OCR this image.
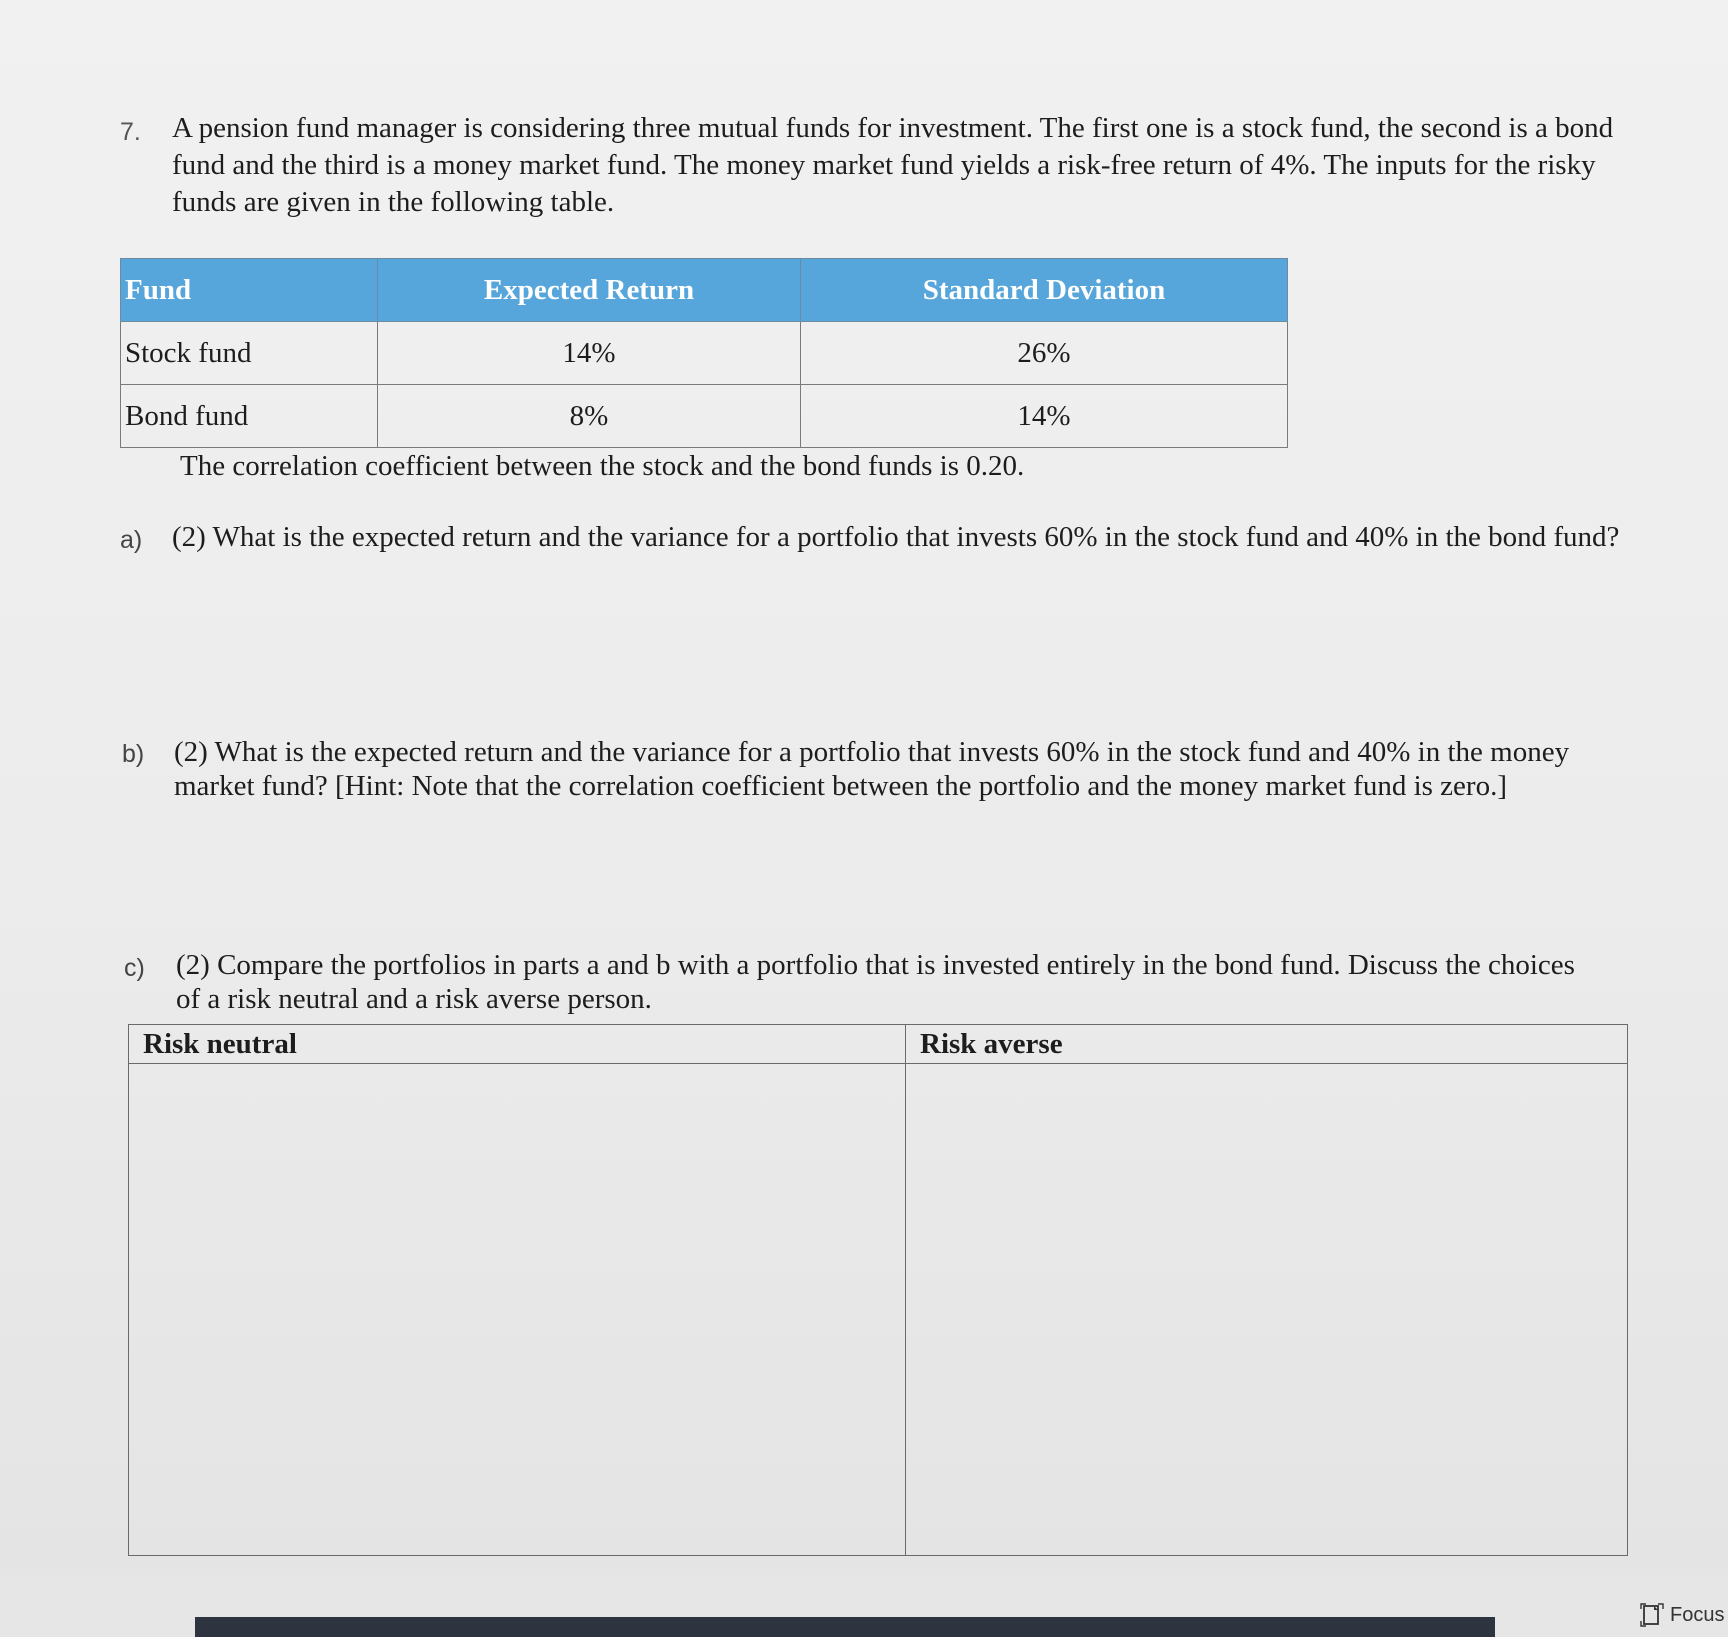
7. A pension fund manager is considering three mutual funds for investment. The first one is a stock fund, the second is a bond fund and the third is a money market fund. The money market fund yields a risk-free return of 4%. The inputs for the risky funds are given in the following table.
Fund	Expected Return	Standard Deviation
Stock fund	14%	26%
Bond fund	8%	14%
The correlation coefficient between the stock and the bond funds is 0.20.
a) (2) What is the expected return and the variance for a portfolio that invests 60% in the stock fund and 40% in the bond fund?
b) (2) What is the expected return and the variance for a portfolio that invests 60% in the stock fund and 40% in the money market fund? [Hint: Note that the correlation coefficient between the portfolio and the money market fund is zero.]
c) (2) Compare the portfolios in parts a and b with a portfolio that is invested entirely in the bond fund. Discuss the choices of a risk neutral and a risk averse person.
Risk neutral	Risk averse

Focus
